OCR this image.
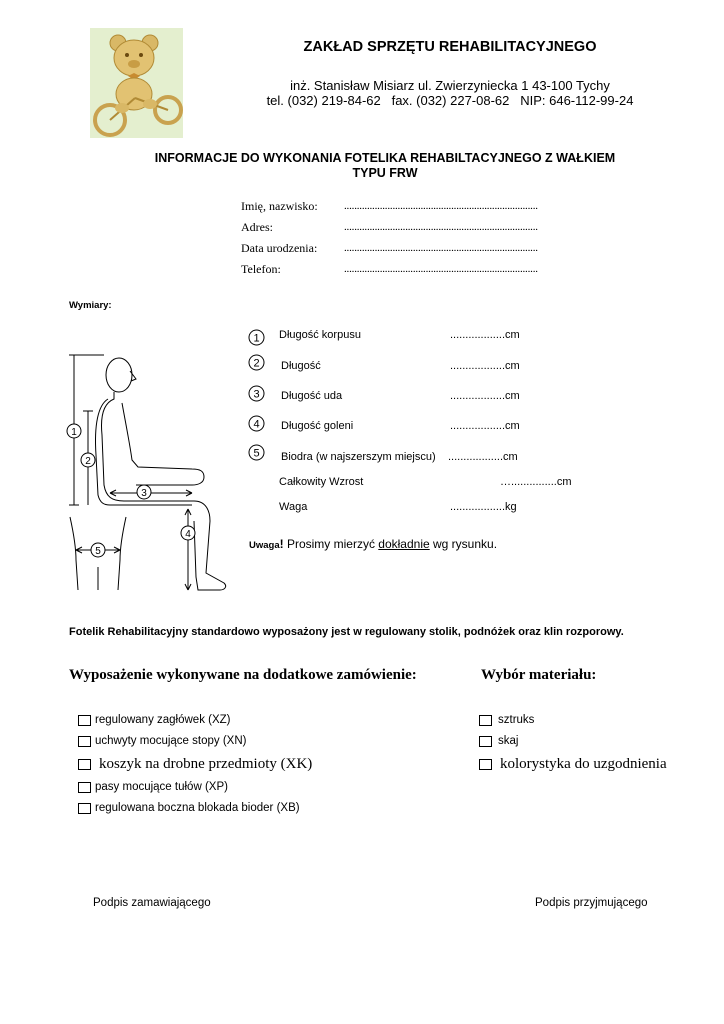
ZAKŁAD SPRZĘTU REHABILITACYJNEGO
inż. Stanisław Misiarz ul. Zwierzyniecka 1 43-100 Tychy
tel. (032) 219-84-62   fax. (032) 227-08-62   NIP: 646-112-99-24
INFORMACJE DO WYKONANIA FOTELIKA REHABILTACYJNEGO Z WAŁKIEM
TYPU FRW
Imię, nazwisko: ............................................................................
Adres:	............................................................................
Data urodzenia: ............................................................................
Telefon:	............................................................................
Wymiary:
1
2
3
4
5
1 Długość korpusu	..................cm
2 Długość	..................cm
3 Długość uda	..................cm
4 Długość goleni	..................cm
5 Biodra (w najszerszym miejscu) ..................cm
Całkowity Wzrost	…...............cm
Waga	..................kg
Uwaga! Prosimy mierzyć dokładnie wg rysunku.
Fotelik Rehabilitacyjny standardowo wyposażony jest w regulowany stolik, podnóżek oraz klin rozporowy.
Wyposażenie wykonywane na dodatkowe zamówienie:	Wybór materiału:
regulowany zagłówek (XZ)
uchwyty mocujące stopy (XN)
koszyk na drobne przedmioty (XK)
pasy mocujące tułów (XP)
regulowana boczna blokada bioder (XB)
sztruks
skaj
kolorystyka do uzgodnienia
Podpis zamawiającego	Podpis przyjmującego
